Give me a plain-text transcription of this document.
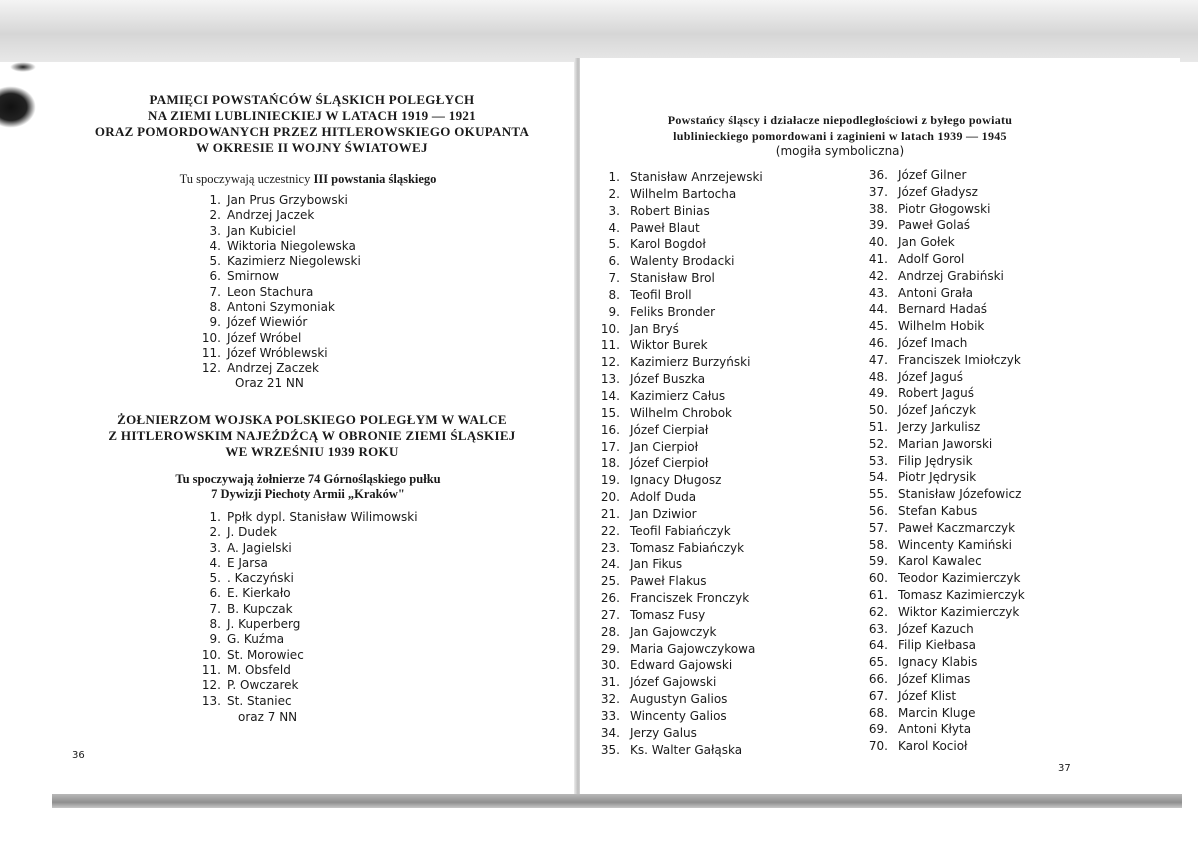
PAMIĘCI POWSTAŃCÓW ŚLĄSKICH POLEGŁYCH
NA ZIEMI LUBLINIECKIEJ W LATACH 1919 — 1921
ORAZ POMORDOWANYCH PRZEZ HITLEROWSKIEGO OKUPANTA
W OKRESIE II WOJNY ŚWIATOWEJ
Tu spoczywają uczestnicy III powstania śląskiego
1. Jan Prus Grzybowski
2. Andrzej Jaczek
3. Jan Kubiciel
4. Wiktoria Niegolewska
5. Kazimierz Niegolewski
6. Smirnow
7. Leon Stachura
8. Antoni Szymoniak
9. Józef Wiewiór
10. Józef Wróbel
11. Józef Wróblewski
12. Andrzej Zaczek
Oraz 21 NN
ŻOŁNIERZOM WOJSKA POLSKIEGO POLEGŁYM W WALCE
Z HITLEROWSKIM NAJEŹDŹCĄ W OBRONIE ZIEMI ŚLĄSKIEJ
WE WRZEŚNIU 1939 ROKU
Tu spoczywają żołnierze 74 Górnośląskiego pułku
7 Dywizji Piechoty Armii „Kraków"
1. Ppłk dypl. Stanisław Wilimowski
2. J. Dudek
3. A. Jagielski
4. E Jarsa
5. . Kaczyński
6. E. Kierkało
7. B. Kupczak
8. J. Kuperberg
9. G. Kuźma
10. St. Morowiec
11. M. Obsfeld
12. P. Owczarek
13. St. Staniec
oraz 7 NN
36
Powstańcy śląscy i działacze niepodległościowi z byłego powiatu
lublinieckiego pomordowani i zaginieni w latach 1939 — 1945
(mogiła symboliczna)
1. Stanisław Anrzejewski
2. Wilhelm Bartocha
3. Robert Binias
4. Paweł Blaut
5. Karol Bogdoł
6. Walenty Brodacki
7. Stanisław Brol
8. Teofil Broll
9. Feliks Bronder
10. Jan Bryś
11. Wiktor Burek
12. Kazimierz Burzyński
13. Józef Buszka
14. Kazimierz Całus
15. Wilhelm Chrobok
16. Józef Cierpiał
17. Jan Cierpioł
18. Józef Cierpioł
19. Ignacy Długosz
20. Adolf Duda
21. Jan Dziwior
22. Teofil Fabiańczyk
23. Tomasz Fabiańczyk
24. Jan Fikus
25. Paweł Flakus
26. Franciszek Fronczyk
27. Tomasz Fusy
28. Jan Gajowczyk
29. Maria Gajowczykowa
30. Edward Gajowski
31. Józef Gajowski
32. Augustyn Galios
33. Wincenty Galios
34. Jerzy Galus
35. Ks. Walter Gałąska
36. Józef Gilner
37. Józef Gładysz
38. Piotr Głogowski
39. Paweł Golaś
40. Jan Gołek
41. Adolf Gorol
42. Andrzej Grabiński
43. Antoni Grała
44. Bernard Hadaś
45. Wilhelm Hobik
46. Józef Imach
47. Franciszek Imiołczyk
48. Józef Jaguś
49. Robert Jaguś
50. Józef Jańczyk
51. Jerzy Jarkulisz
52. Marian Jaworski
53. Filip Jędrysik
54. Piotr Jędrysik
55. Stanisław Józefowicz
56. Stefan Kabus
57. Paweł Kaczmarczyk
58. Wincenty Kamiński
59. Karol Kawalec
60. Teodor Kazimierczyk
61. Tomasz Kazimierczyk
62. Wiktor Kazimierczyk
63. Józef Kazuch
64. Filip Kiełbasa
65. Ignacy Klabis
66. Józef Klimas
67. Józef Klist
68. Marcin Kluge
69. Antoni Kłyta
70. Karol Kocioł
37
